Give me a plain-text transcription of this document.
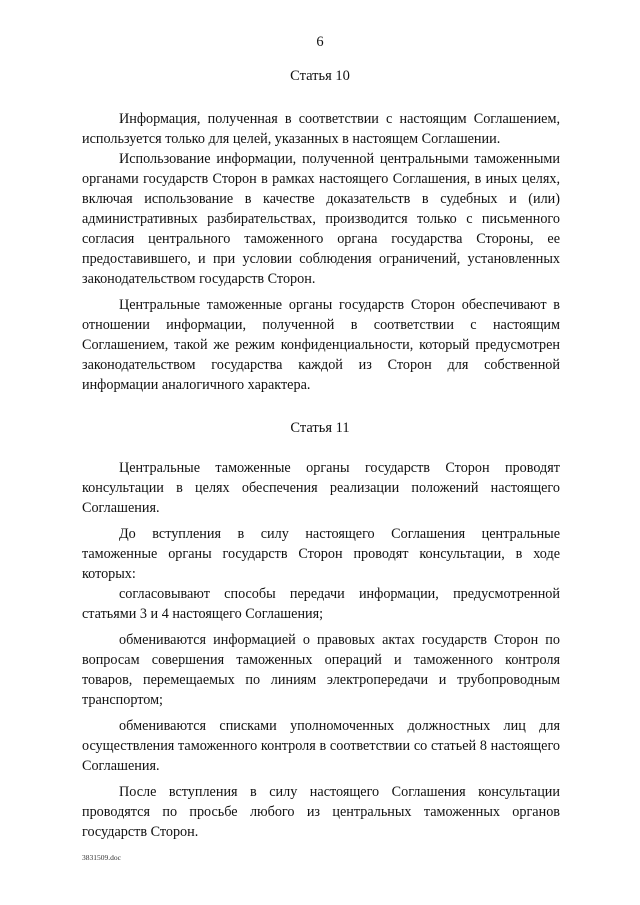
6
Статья 10

Информация, полученная в соответствии с настоящим Соглашением, используется только для целей, указанных в настоящем Соглашении.

Использование информации, полученной центральными таможенными органами государств Сторон в рамках настоящего Соглашения, в иных целях, включая использование в качестве доказательств в судебных и (или) административных разбирательствах, производится только с письменного согласия центрального таможенного органа государства Стороны, ее предоставившего, и при условии соблюдения ограничений, установленных законодательством государств Сторон.

Центральные таможенные органы государств Сторон обеспечивают в отношении информации, полученной в соответствии с настоящим Соглашением, такой же режим конфиденциальности, который предусмотрен законодательством государства каждой из Сторон для собственной информации аналогичного характера.

Статья 11

Центральные таможенные органы государств Сторон проводят консультации в целях обеспечения реализации положений настоящего Соглашения.

До вступления в силу настоящего Соглашения центральные таможенные органы государств Сторон проводят консультации, в ходе которых:

согласовывают способы передачи информации, предусмотренной статьями 3 и 4 настоящего Соглашения;

обмениваются информацией о правовых актах государств Сторон по вопросам совершения таможенных операций и таможенного контроля товаров, перемещаемых по линиям электропередачи и трубопроводным транспортом;

обмениваются списками уполномоченных должностных лиц для осуществления таможенного контроля в соответствии со статьей 8 настоящего Соглашения.

После вступления в силу настоящего Соглашения консультации проводятся по просьбе любого из центральных таможенных органов государств Сторон.

3831509.doc
